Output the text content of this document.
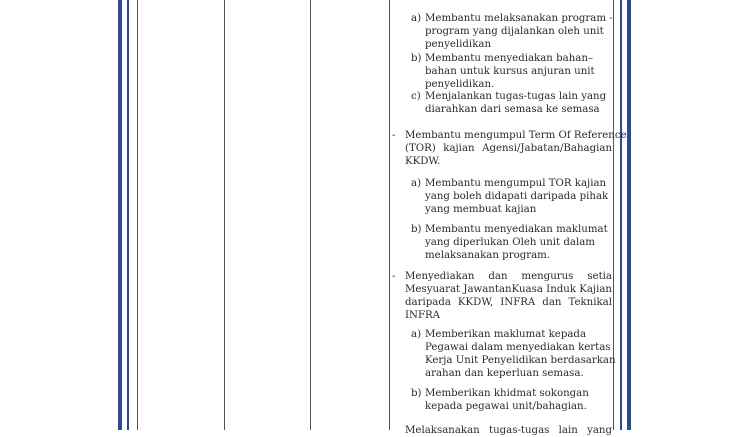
a) Membantu melaksanakan program -
program yang dijalankan oleh unit
penyelidikan
b) Membantu menyediakan bahan–
bahan untuk kursus anjuran unit
penyelidikan.
c) Menjalankan tugas-tugas lain yang
diarahkan dari semasa ke semasa
- Membantu mengumpul Term Of Reference
(TOR) kajian Agensi/Jabatan/Bahagian
KKDW.
a) Membantu mengumpul TOR kajian
yang boleh didapati daripada pihak
yang membuat kajian
b) Membantu menyediakan maklumat
yang diperlukan Oleh unit dalam
melaksanakan program.
- Menyediakan dan mengurus setia
Mesyuarat JawantanKuasa Induk Kajian
daripada KKDW, INFRA dan Teknikal
INFRA
a) Memberikan maklumat kepada
Pegawai dalam menyediakan kertas
Kerja Unit Penyelidikan berdasarkan
arahan dan keperluan semasa.
b) Memberikan khidmat sokongan
kepada pegawai unit/bahagian.
Melaksanakan tugas-tugas lain yang
